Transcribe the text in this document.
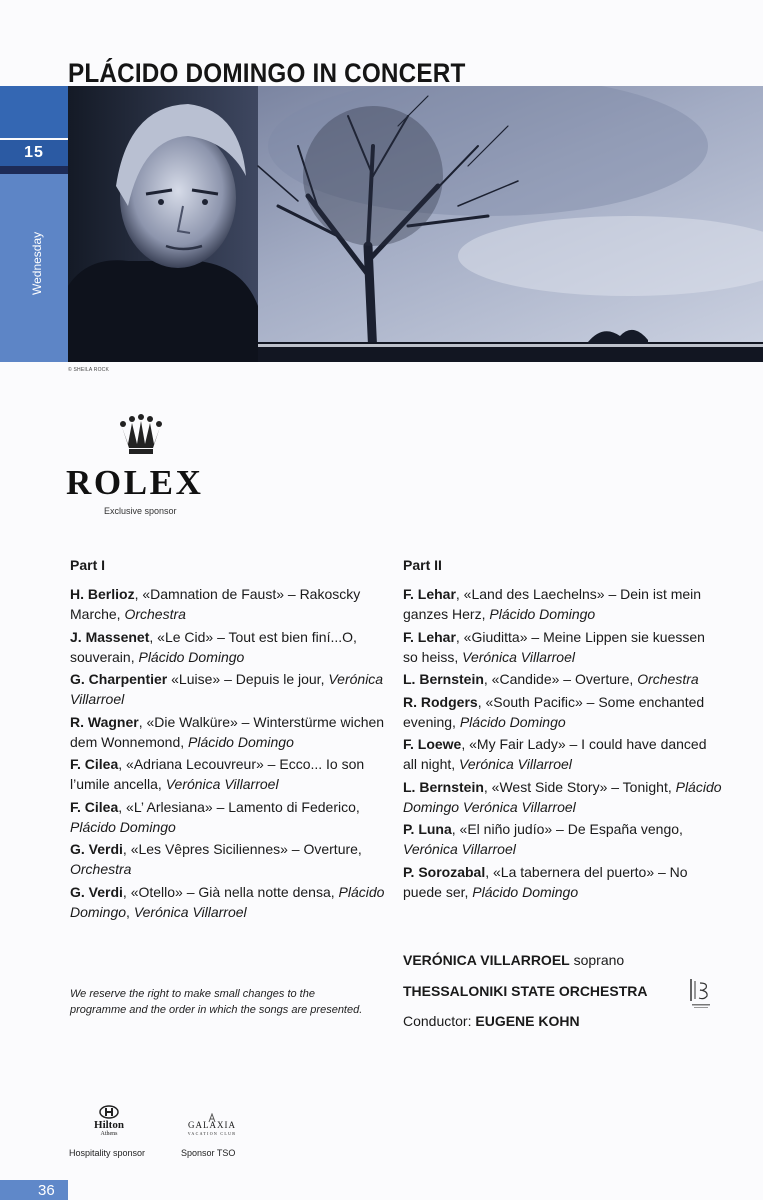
15
Wednesday
PLÁCIDO DOMINGO IN CONCERT
© SHEILA ROCK
ROLEX
Exclusive sponsor
Part I
H. Berlioz, «Damnation de Faust» – Rakoscky Marche, Orchestra
J. Massenet, «Le Cid» – Tout est bien finí...O, souverain, Plácido Domingo
G. Charpentier «Luise» – Depuis le jour, Verónica Villarroel
R. Wagner, «Die Walküre» – Winterstürme wichen dem Wonnemond, Plácido Domingo
F. Cilea, «Adriana Lecouvreur» – Ecco... Io son l’umile ancella, Verónica Villarroel
F. Cilea, «L’ Arlesiana» – Lamento di Federico, Plácido Domingo
G. Verdi, «Les Vêpres Siciliennes» – Overture, Orchestra
G. Verdi, «Otello» – Già nella notte densa, Plácido Domingo, Verónica Villarroel
Part II
F. Lehar, «Land des Laechelns» – Dein ist mein ganzes Herz, Plácido Domingo
F. Lehar, «Giuditta» – Meine Lippen sie kuessen so heiss, Verónica Villarroel
L. Bernstein, «Candide» – Overture, Orchestra
R. Rodgers, «South Pacific» – Some enchanted evening, Plácido Domingo
F. Loewe, «My Fair Lady» – I could have danced all night, Verónica Villarroel
L. Bernstein, «West Side Story» – Tonight, Plácido Domingo Verónica Villarroel
P. Luna, «El niño judío» – De España vengo, Verónica Villarroel
P. Sorozabal, «La tabernera del puerto» – No puede ser, Plácido Domingo
We reserve the right to make small changes to the programme and the order in which the songs are presented.
VERÓNICA VILLARROEL soprano
THESSALONIKI STATE ORCHESTRA
Conductor: EUGENE KOHN
Hilton
Athens
GALAXIA
VACATION CLUB
Hospitality sponsor	Sponsor TSO
36
